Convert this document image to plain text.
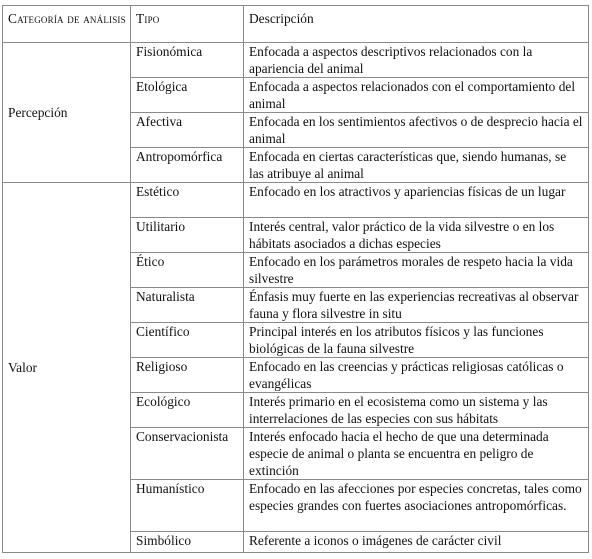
Categoría de análisis	Tipo	Descripción
Percepción	Fisionómica	Enfocada a aspectos descriptivos relacionados con la apariencia del animal
	Etológica	Enfocada a aspectos relacionados con el comportamiento del animal
	Afectiva	Enfocada en los sentimientos afectivos o de desprecio hacia el animal
	Antropomórfica	Enfocada en ciertas características que, siendo humanas, se las atribuye al animal
Valor	Estético	Enfocado en los atractivos y apariencias físicas de un lugar
	Utilitario	Interés central, valor práctico de la vida silvestre o en los hábitats asociados a dichas especies
	Ético	Enfocado en los parámetros morales de respeto hacia la vida silvestre
	Naturalista	Énfasis muy fuerte en las experiencias recreativas al observar fauna y flora silvestre in situ
	Científico	Principal interés en los atributos físicos y las funciones biológicas de la fauna silvestre
	Religioso	Enfocado en las creencias y prácticas religiosas católicas o evangélicas
	Ecológico	Interés primario en el ecosistema como un sistema y las interrelaciones de las especies con sus hábitats
	Conservacionista	Interés enfocado hacia el hecho de que una determinada especie de animal o planta se encuentra en peligro de extinción
	Humanístico	Enfocado en las afecciones por especies concretas, tales como especies grandes con fuertes asociaciones antropomórficas.
	Simbólico	Referente a iconos o imágenes de carácter civil
